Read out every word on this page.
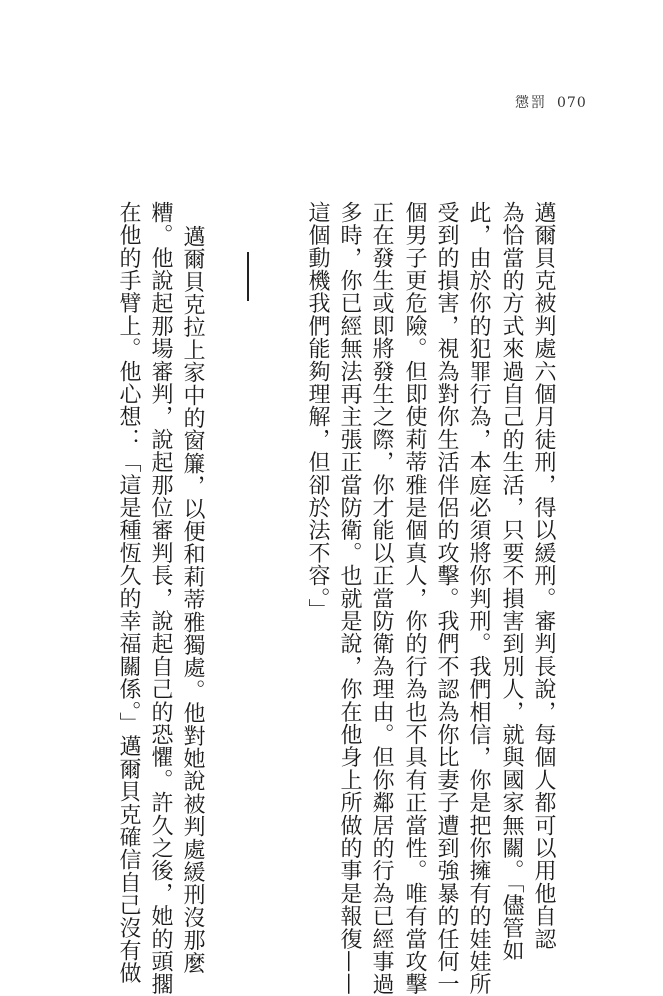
懲罰 070
邁爾貝克被判處六個月徒刑，得以緩刑。審判長說，每個人都可以用他自認
為恰當的方式來過自己的生活，只要不損害到別人，就與國家無關。「儘管如
此，由於你的犯罪行為，本庭必須將你判刑。我們相信，你是把你擁有的娃娃所
受到的損害，視為對你生活伴侶的攻擊。我們不認為你比妻子遭到強暴的任何一
個男子更危險。但即使莉蒂雅是個真人，你的行為也不具有正當性。唯有當攻擊
正在發生或即將發生之際，你才能以正當防衛為理由。但你鄰居的行為已經事過
多時，你已經無法再主張正當防衛。也就是說，你在他身上所做的事是報復——
這個動機我們能夠理解，但卻於法不容。」
邁爾貝克拉上家中的窗簾，以便和莉蒂雅獨處。他對她說被判處緩刑沒那麼
糟。他說起那場審判，說起那位審判長，說起自己的恐懼。許久之後，她的頭擱
在他的手臂上。他心想：「這是種恆久的幸福關係。」邁爾貝克確信自己沒有做
